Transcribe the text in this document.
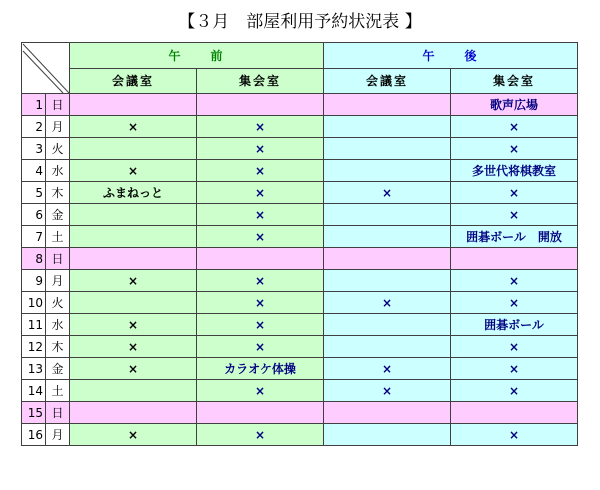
【３月　部屋利用予約状況表 】
	午　　前		午　　後	
		会議室	集会室	会議室	集会室
1	日				歌声広場
2	月	×	×		×
3	火		×		×
4	水	×	×		多世代将棋教室
5	木	ふまねっと	×	×	×
6	金		×		×
7	土		×		囲碁ボール　開放
8	日				
9	月	×	×		×
10	火		×	×	×
11	水	×	×		囲碁ボール
12	木	×	×		×
13	金	×	カラオケ体操	×	×
14	土		×	×	×
15	日				
16	月	×	×		×
